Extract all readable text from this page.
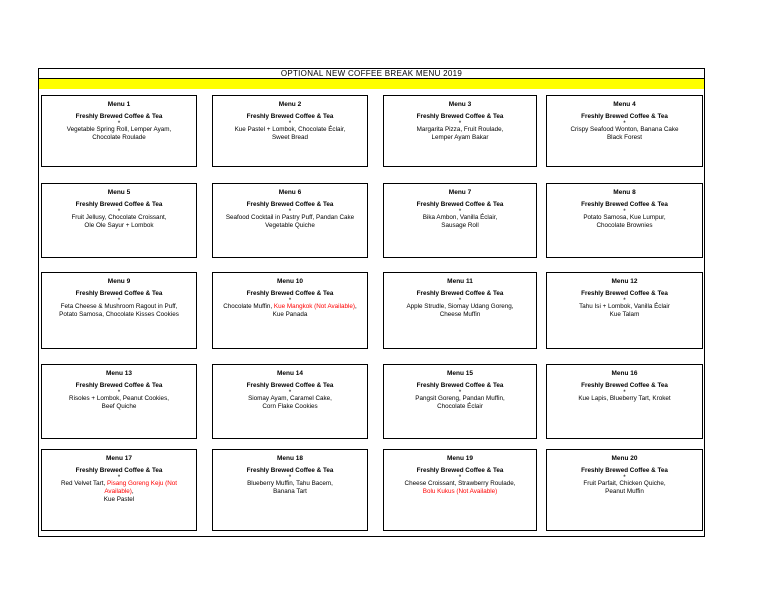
OPTIONAL NEW COFFEE BREAK MENU 2019
Menu 1
Freshly Brewed Coffee & Tea
*
Vegetable Spring Roll, Lemper Ayam,
Chocolate Roulade
Menu 2
Freshly Brewed Coffee & Tea
*
Kue Pastel + Lombok, Chocolate Éclair,
Sweet Bread
Menu 3
Freshly Brewed Coffee & Tea
*
Margarita Pizza, Fruit Roulade,
Lemper Ayam Bakar
Menu 4
Freshly Brewed Coffee & Tea
*
Crispy Seafood Wonton, Banana Cake
Black Forest
Menu 5
Freshly Brewed Coffee & Tea
*
Fruit Jellusy, Chocolate Croissant,
Ole Ole Sayur + Lombok
Menu 6
Freshly Brewed Coffee & Tea
*
Seafood Cocktail in Pastry Puff, Pandan Cake
Vegetable Quiche
Menu 7
Freshly Brewed Coffee & Tea
*
Bika Ambon, Vanilla Éclair,
Sausage Roll
Menu 8
Freshly Brewed Coffee & Tea
*
Potato Samosa, Kue Lumpur,
Chocolate Brownies
Menu 9
Freshly Brewed Coffee & Tea
*
Feta Cheese & Mushroom Ragout in Puff,
Potato Samosa, Chocolate Kisses Cookies
Menu 10
Freshly Brewed Coffee & Tea
*
Chocolate Muffin, Kue Mangkok (Not Available),
Kue Panada
Menu 11
Freshly Brewed Coffee & Tea
*
Apple Strudle, Siomay Udang Goreng,
Cheese Muffin
Menu 12
Freshly Brewed Coffee & Tea
*
Tahu Isi + Lombok, Vanilla Éclair
Kue Talam
Menu 13
Freshly Brewed Coffee & Tea
*
Risoles + Lombok, Peanut Cookies,
Beef Quiche
Menu 14
Freshly Brewed Coffee & Tea
*
Siomay Ayam, Caramel Cake,
Corn Flake Cookies
Menu 15
Freshly Brewed Coffee & Tea
*
Pangsit Goreng, Pandan Muffin,
Chocolate Éclair
Menu 16
Freshly Brewed Coffee & Tea
*
Kue Lapis, Blueberry Tart, Kroket
Menu 17
Freshly Brewed Coffee & Tea
*
Red Velvet Tart, Pisang Goreng Keju (Not
Available),
Kue Pastel
Menu 18
Freshly Brewed Coffee & Tea
*
Blueberry Muffin, Tahu Bacem,
Banana Tart
Menu 19
Freshly Brewed Coffee & Tea
*
Cheese Croissant, Strawberry Roulade,
Bolu Kukus (Not Available)
Menu 20
Freshly Brewed Coffee & Tea
*
Fruit Parfait, Chicken Quiche,
Peanut Muffin
